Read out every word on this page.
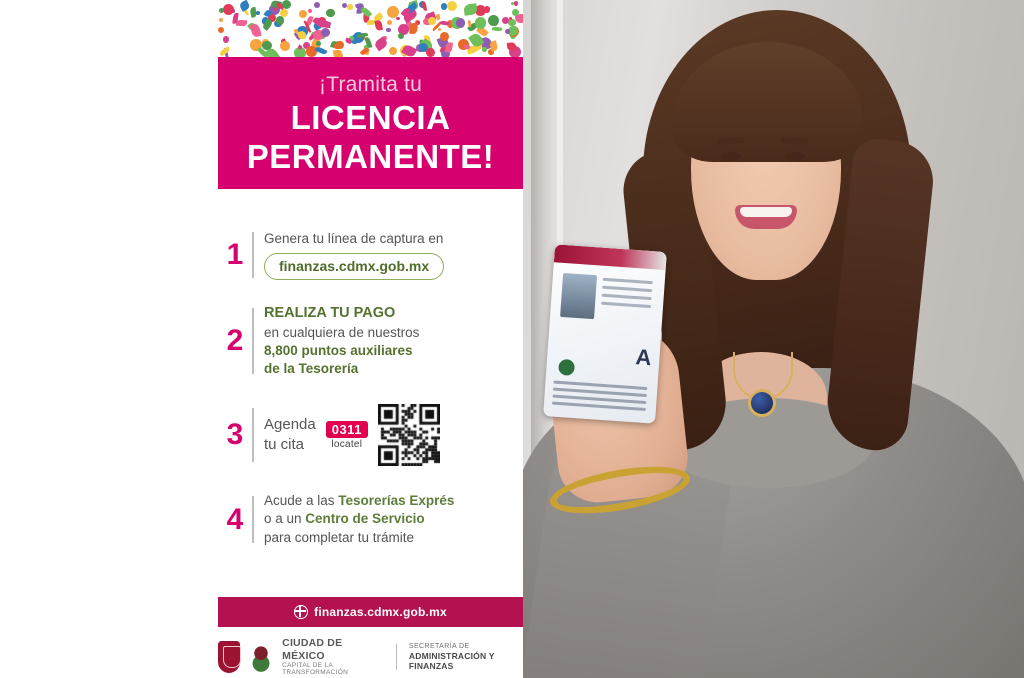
¡Tramita tu
LICENCIA
PERMANENTE!
1	Genera tu línea de captura en
finanzas.cdmx.gob.mx
2
REALIZA TU PAGO
en cualquiera de nuestros
8,800 puntos auxiliares
de la Tesorería
3	Agenda
tu cita
0311
locatel
4
Acude a las Tesorerías Exprés
o a un Centro de Servicio
para completar tu trámite
finanzas.cdmx.gob.mx
CIUDAD DE MÉXICO
CAPITAL DE LA TRANSFORMACIÓN
SECRETARÍA DE
ADMINISTRACIÓN Y FINANZAS
A
